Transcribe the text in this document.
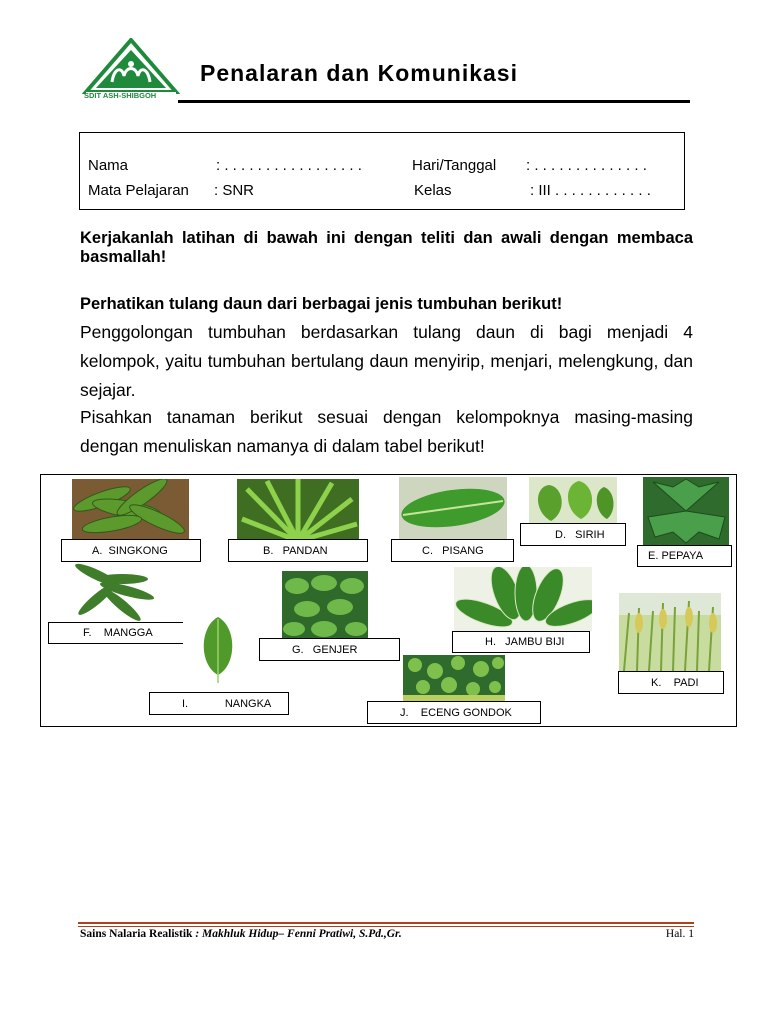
SDIT ASH-SHIBGOH
Penalaran dan Komunikasi
Nama	: . . . . . . . . . . . . . . . . .	Hari/Tanggal : . . . . . . . . . . . . . .
Mata Pelajaran : SNR	Kelas	: III . . . . . . . . . . . .
Kerjakanlah latihan di bawah ini dengan teliti dan awali dengan membaca basmallah!
Perhatikan tulang daun dari berbagai jenis tumbuhan berikut!
Penggolongan tumbuhan berdasarkan tulang daun di bagi menjadi 4 kelompok, yaitu tumbuhan bertulang daun menyirip, menjari, melengkung, dan sejajar.
Pisahkan tanaman berikut sesuai dengan kelompoknya masing-masing dengan menuliskan namanya di dalam tabel berikut!
A.
SINGKONG	B.
PANDAN	C.
PISANG
D.
SIRIH
E.
PEPAYA
F.
MANGGA
G.
GENJER
H.
JAMBU BIJI
I.
	NANGKA
J.
ECENG GONDOK
K.
PADI
Sains Nalaria Realistik : Makhluk Hidup– Fenni Pratiwi, S.Pd.,Gr.	Hal. 1
